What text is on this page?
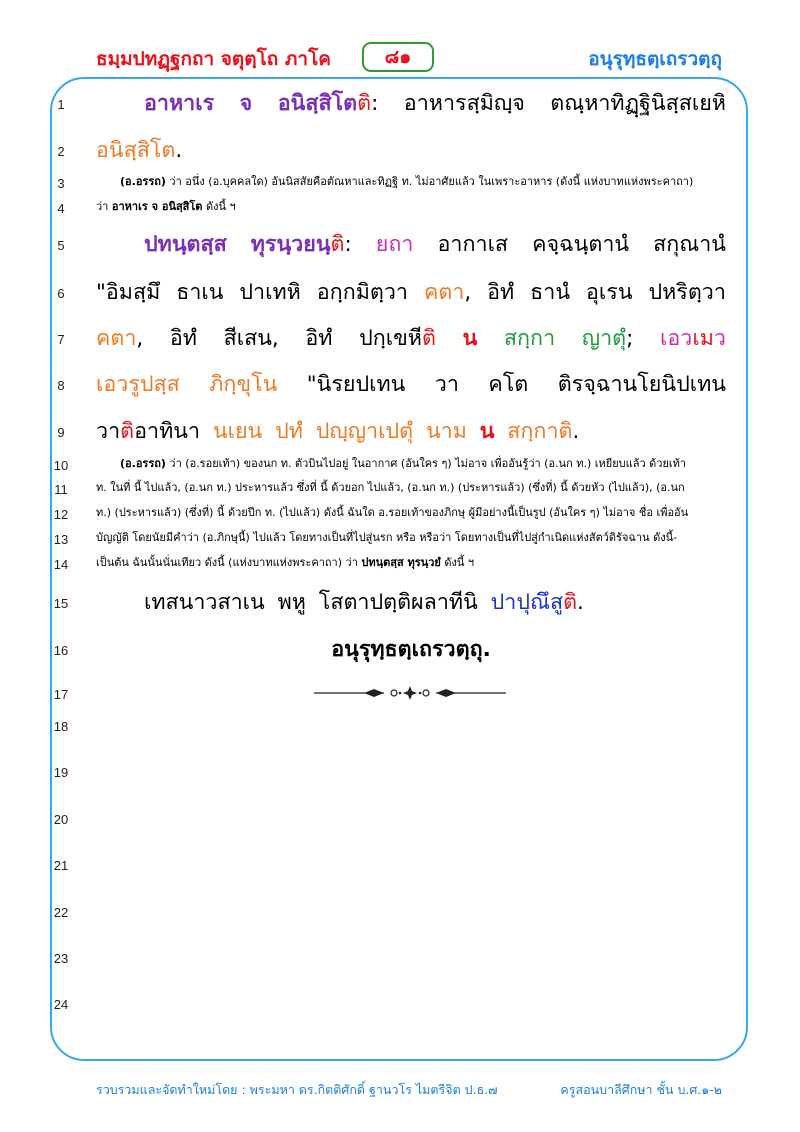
ธมฺมปทฏฺฐกถา จตุตฺโถ ภาโค	๘๑	อนุรุทฺธตฺเถรวตฺถุ
1
2
3
4
5
6
7
8
9
10
11
12
13
14
15
16
17
18
19
20
21
22
23
24
อาหาเร จ อนิสฺสิโตติ: อาหารสฺมิญฺจ ตณฺหาทิฏฺฐินิสฺสเยหิ
อนิสฺสิโต.
(อ.อรรถ) ว่า อนึ่ง (อ.บุคคลใด) อันนิสสัยคือตัณหาและทิฏฐิ ท. ไม่อาศัยแล้ว ในเพราะอาหาร (ดังนี้ แห่งบาทแห่งพระคาถา)
ว่า อาหาเร จ อนิสฺสิโต ดังนี้ ฯ
ปทนฺตสฺส ทุรนฺวยนฺติ: ยถา อากาเส คจฺฉนฺตานํ สกุณานํ
"อิมสฺมึ ธาเน ปาเทหิ อกฺกมิตฺวา คตา, อิทํ ธานํ อุเรน ปหริตฺวา
คตา, อิทํ สีเสน, อิทํ ปกฺเขหีติ น สกฺกา ญาตุํ; เอวเมว
เอวรูปสฺส ภิกฺขุโน "นิรยปเทน วา คโต ติรจฺฉานโยนิปเทน
วาติอาทินา นเยน ปทํ ปญฺญาเปตุํ นาม น สกฺกาติ.
(อ.อรรถ) ว่า (อ.รอยเท้า) ของนก ท. ตัวบินไปอยู่ ในอากาศ (อันใคร ๆ) ไม่อาจ เพื่ออันรู้ว่า (อ.นก ท.) เหยียบแล้ว ด้วยเท้า
ท. ในที่ นี้ ไปแล้ว, (อ.นก ท.) ประหารแล้ว ซึ่งที่ นี้ ด้วยอก ไปแล้ว, (อ.นก ท.) (ประหารแล้ว) (ซึ่งที่) นี้ ด้วยหัว (ไปแล้ว), (อ.นก
ท.) (ประหารแล้ว) (ซึ่งที่) นี้ ด้วยปีก ท. (ไปแล้ว) ดังนี้ ฉันใด อ.รอยเท้าของภิกษุ ผู้มีอย่างนี้เป็นรูป (อันใคร ๆ) ไม่อาจ ชื่อ เพื่ออัน
บัญญัติ โดยนัยมีคำว่า (อ.ภิกษุนี้) ไปแล้ว โดยทางเป็นที่ไปสู่นรก หรือ หรือว่า โดยทางเป็นที่ไปสู่กำเนิดแห่งสัตว์ดิรัจฉาน ดังนี้-
เป็นต้น ฉันนั้นนั่นเทียว ดังนี้ (แห่งบาทแห่งพระคาถา) ว่า ปทนฺตสฺส ทุรนฺวยํ ดังนี้ ฯ
เทสนาวสาเน พหู โสตาปตฺติผลาทีนิ ปาปุณึสูติ.
อนุรุทฺธตฺเถรวตฺถุ.
รวบรวมและจัดทำใหม่โดย : พระมหา ดร.กิตติศักดิ์ ฐานวโร ไมตรีจิต ป.ธ.๗	ครูสอนบาลีศึกษา ชั้น บ.ศ.๑-๒
